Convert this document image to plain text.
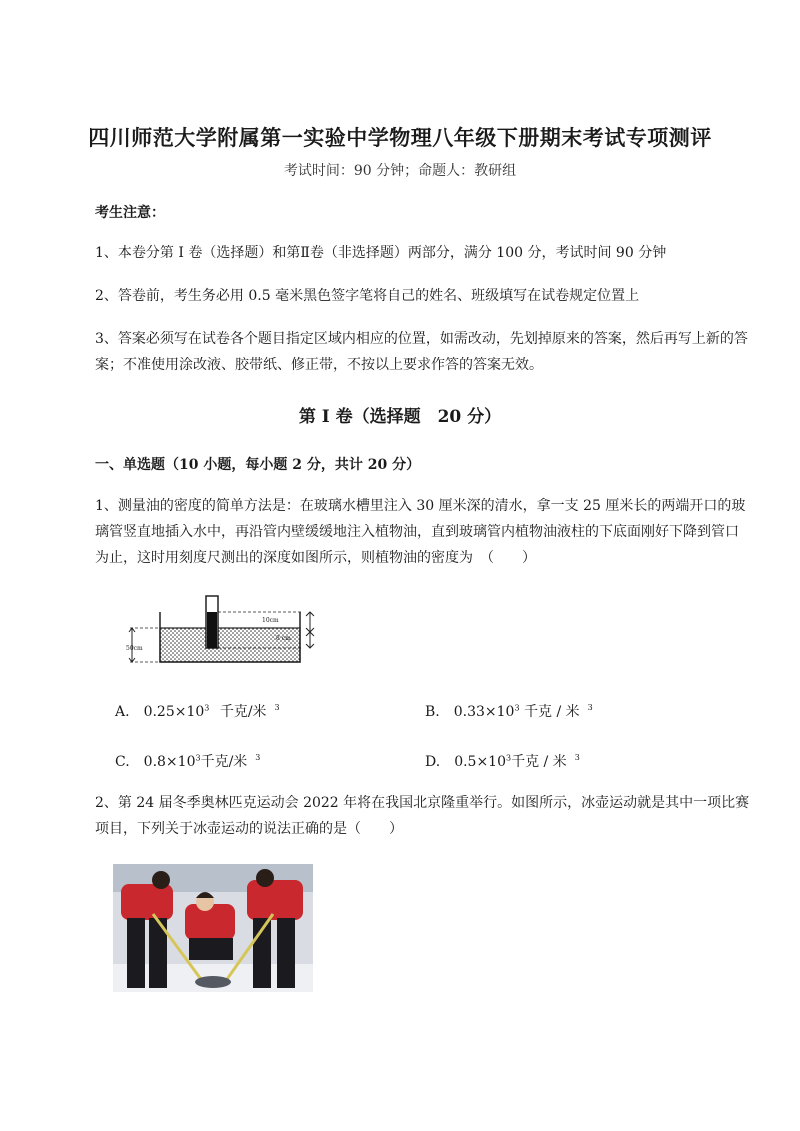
四川师范大学附属第一实验中学物理八年级下册期末考试专项测评
考试时间：90 分钟；命题人：教研组
考生注意：
1、本卷分第 I 卷（选择题）和第Ⅱ卷（非选择题）两部分，满分 100 分，考试时间 90 分钟
2、答卷前，考生务必用 0.5 毫米黑色签字笔将自己的姓名、班级填写在试卷规定位置上
3、答案必须写在试卷各个题目指定区域内相应的位置，如需改动，先划掉原来的答案，然后再写上新的答案；不准使用涂改液、胶带纸、修正带，不按以上要求作答的答案无效。
第 I 卷（选择题　20 分）
一、单选题（10 小题，每小题 2 分，共计 20 分）
1、测量油的密度的简单方法是：在玻璃水槽里注入 30 厘米深的清水，拿一支 25 厘米长的两端开口的玻璃管竖直地插入水中，再沿管内壁缓缓地注入植物油，直到玻璃管内植物油液柱的下底面刚好下降到管口为止，这时用刻度尺测出的深度如图所示，则植物油的密度为　（　　）
10cm
8 cm
50cm
A. $0.25\times 10^3$ 千克/米 $^3$	B. $0.33\times 10^3$ 千克 / 米 $^3$
C. $0.8\times 10^3$千克/米 $^3$	D. $0.5\times 10^3$千克 / 米 $^3$
2、第 24 届冬季奥林匹克运动会 2022 年将在我国北京隆重举行。如图所示，冰壶运动就是其中一项比赛项目，下列关于冰壶运动的说法正确的是（　　）
